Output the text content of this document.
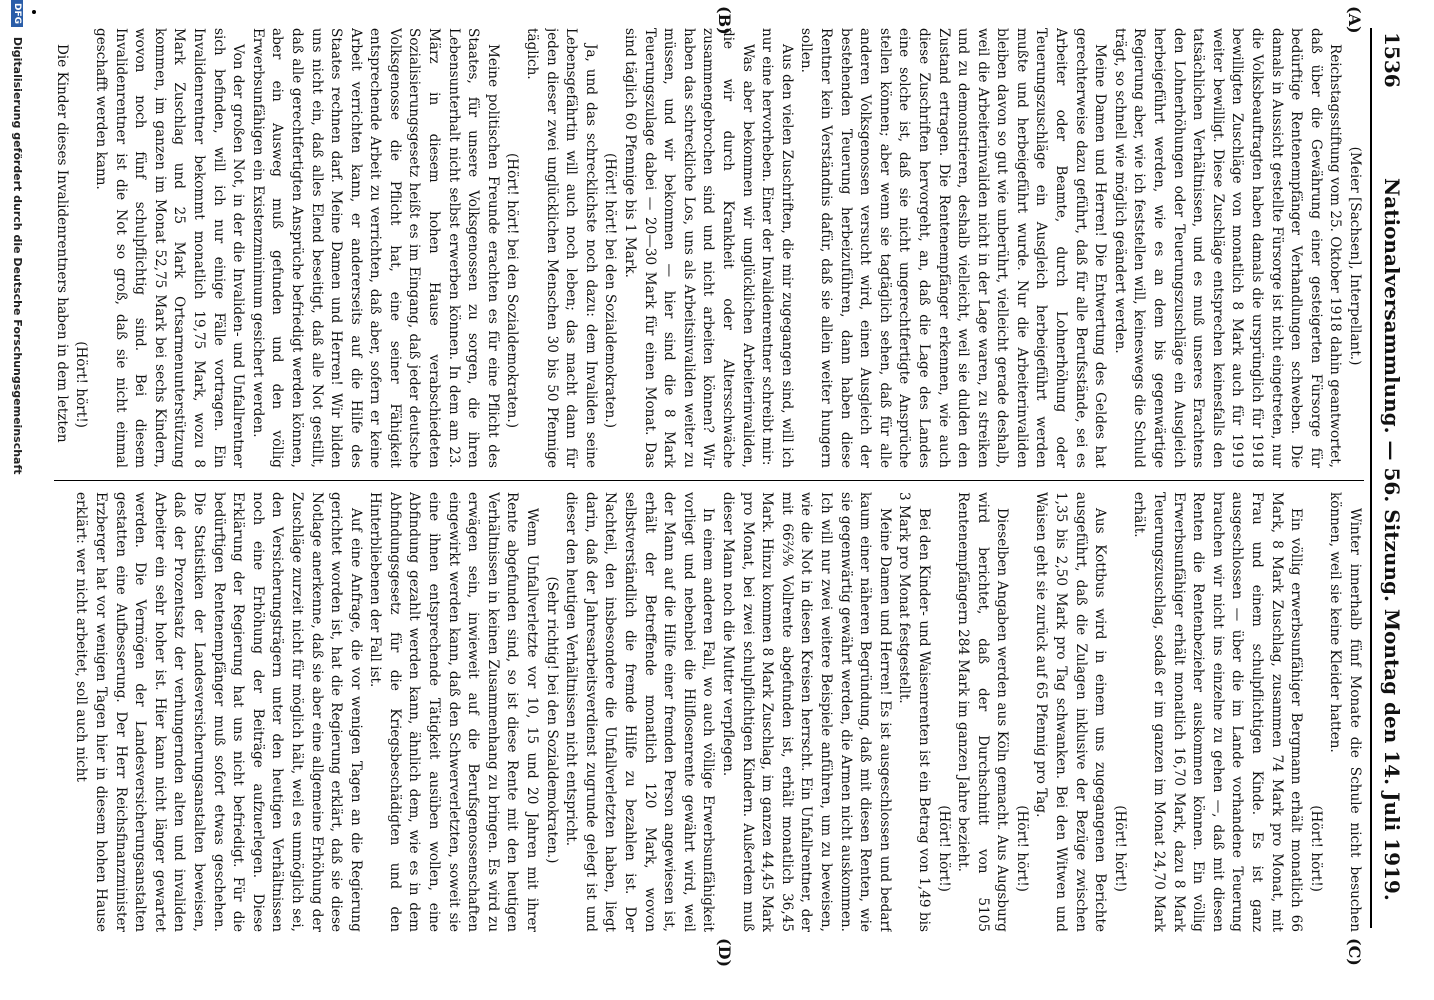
1536
Nationalversammlung. — 56. Sitzung. Montag den 14. Juli 1919.
(A)
(B)
(C)
(D)

(Meier [Sachsen], Interpellant.)

Reichstagsstiftung vom 25. Oktober 1918 dahin geantwortet, daß über die Gewährung einer gesteigerten Fürsorge für bedürftige Rentenempfänger Verhandlungen schweben. Die damals in Aussicht gestellte Fürsorge ist nicht eingetreten, nur die Volksbeauftragten haben damals die ursprünglich für 1918 bewilligten Zuschläge von monatlich 8 Mark auch für 1919 weiter bewilligt. Diese Zuschläge entsprechen keinesfalls den tatsächlichen Verhältnissen, und es muß unseres Erachtens den Lohnerhöhungen oder Teuerungszuschläge ein Ausgleich herbeigeführt werden, wie es an dem bis gegenwärtige Regierung aber, wie ich feststellen will, keineswegs die Schuld trägt, so schnell wie möglich geändert werden.

Meine Damen und Herren! Die Entwertung des Geldes hat gerechterweise dazu geführt, daß für alle Berufsstände, sei es Arbeiter oder Beamte, durch Lohnerhöhung oder Teuerungszuschläge ein Ausgleich herbeigeführt werden mußte und herbeigeführt wurde. Nur die Arbeiterinvaliden bleiben davon so gut wie unberührt, vielleicht gerade deshalb, weil die Arbeiterinvaliden nicht in der Lage waren, zu streiken und zu demonstrieren, deshalb vielleicht, weil sie dulden den Zustand ertragen. Die Rentenempfänger erkennen, wie auch diese Zuschriften hervorgeht, an, daß die Lage des Landes eine solche ist, daß sie nicht ungerechtfertigte Ansprüche stellen können; aber wenn sie tagtäglich sehen, daß für alle anderen Volksgenossen versucht wird, einen Ausgleich der bestehenden Teuerung herbeizuführen, dann haben diese Rentner kein Verständnis dafür, daß sie allein weiter hungern sollen.

Aus den vielen Zuschriften, die mir zugegangen sind, will ich nur eine hervorheben. Einer der Invalidenrentner schreibt mir:

Was aber bekommen wir unglücklichen Arbeiterinvaliden, die wir durch Krankheit oder Altersschwäche zusammengebrochen sind und nicht arbeiten können? Wir haben das schreckliche Los, uns als Arbeitsinvaliden weiter zu müssen, und wir bekommen — hier sind die 8 Mark Teuerungszulage dabei — 20—30 Mark für einen Monat. Das sind täglich 60 Pfennige bis 1 Mark.

(Hört! hört! bei den Sozialdemokraten.)

Ja, und das schrecklichste noch dazu: dem Invaliden seine Lebensgefährtin will auch noch leben; das macht dann für jeden dieser zwei unglücklichen Menschen 30 bis 50 Pfennige täglich.

(Hört! hört! bei den Sozialdemokraten.)

Meine politischen Freunde erachten es für eine Pflicht des Staates, für unsere Volksgenossen zu sorgen, die ihren Lebensunterhalt nicht selbst erwerben können. In dem am 23. März in diesem hohen Hause verabschiedeten Sozialisierungsgesetz heißt es im Eingang, daß jeder deutsche Volksgenosse die Pflicht hat, eine seiner Fähigkeit entsprechende Arbeit zu verrichten, daß aber, sofern er keine Arbeit verrichten kann, er andererseits auf die Hilfe des Staates rechnen darf. Meine Damen und Herren! Wir bilden uns nicht ein, daß alles Elend beseitigt, daß alle Not gestillt, daß alle gerechtfertigten Ansprüche befriedigt werden können, aber ein Ausweg muß gefunden und den völlig Erwerbsunfähigen ein Existenzminimum gesichert werden.

Von der großen Not, in der die Invaliden- und Unfallrentner sich befinden, will ich nur einige Fälle vortragen. Ein Invalidenrentner bekommt monatlich 19,75 Mark, wozu 8 Mark Zuschlag und 25 Mark Ortsarmenunterstützung kommen, im ganzen im Monat 52,75 Mark bei sechs Kindern, wovon noch fünf schulpflichtig sind. Bei diesem Invalidenrentner ist die Not so groß, daß sie nicht einmal geschafft werden kann.

(Hört! hört!)

Die Kinder dieses Invalidenrentners haben in dem letzten

Winter innerhalb fünf Monate die Schule nicht besuchen können, weil sie keine Kleider hatten.

(Hört! hört!)

Ein völlig erwerbsunfähiger Bergmann erhält monatlich 66 Mark, 8 Mark Zuschlag, zusammen 74 Mark pro Monat, mit Frau und einem schulpflichtigen Kinde. Es ist ganz ausgeschlossen — über die im Lande vorhandene Teuerung brauchen wir nicht ins einzelne zu gehen —, daß mit diesen Renten die Rentenbezieher auskommen können. Ein völlig Erwerbsunfähiger erhält monatlich 16,70 Mark, dazu 8 Mark Teuerungszuschlag, sodaß er im ganzen im Monat 24,70 Mark erhält.

(Hört! hört!)

Aus Kottbus wird in einem uns zugegangenen Berichte ausgeführt, daß die Zulagen inklusive der Bezüge zwischen 1,35 bis 2,50 Mark pro Tag schwanken. Bei den Witwen und Waisen geht sie zurück auf 65 Pfennig pro Tag.

(Hört! hört!)

Dieselben Angaben werden aus Köln gemacht. Aus Augsburg wird berichtet, daß der Durchschnitt von 5105 Rentenempfängern 284 Mark im ganzen Jahre bezieht.

(Hört! hört!)

Bei den Kinder- und Waisenrenten ist ein Betrag von 1,49 bis 3 Mark pro Monat festgestellt.

Meine Damen und Herren! Es ist ausgeschlossen und bedarf kaum einer näheren Begründung, daß mit diesen Renten, wie sie gegenwärtig gewährt werden, die Armen nicht auskommen. Ich will nur zwei weitere Beispiele anführen, um zu beweisen, wie die Not in diesen Kreisen herrscht. Ein Unfallrentner, der mit 66⅔% Vollrente abgefunden ist, erhält monatlich 36,45 Mark. Hinzu kommen 8 Mark Zuschlag, im ganzen 44,45 Mark pro Monat, bei zwei schulpflichtigen Kindern. Außerdem muß dieser Mann noch die Mutter verpflegen.

In einem anderen Fall, wo auch völlige Erwerbsunfähigkeit vorliegt und nebenbei die Hilflosenrente gewährt wird, weil der Mann auf die Hilfe einer fremden Person angewiesen ist, erhält der Betreffende monatlich 120 Mark, wovon selbstverständlich die fremde Hilfe zu bezahlen ist. Der Nachteil, den insbesondere die Unfallverletzten haben, liegt darin, daß der Jahresarbeitsverdienst zugrunde gelegt ist und dieser den heutigen Verhältnissen nicht entspricht.

(Sehr richtig! bei den Sozialdemokraten.)

Wenn Unfallverletzte vor 10, 15 und 20 Jahren mit ihrer Rente abgefunden sind, so ist diese Rente mit den heutigen Verhältnissen in keinen Zusammenhang zu bringen. Es wird zu erwägen sein, inwieweit auf die Berufsgenossenschaften eingewirkt werden kann, daß den Schwerverletzten, soweit sie eine ihnen entsprechende Tätigkeit ausüben wollen, eine Abfindung gezahlt werden kann, ähnlich dem, wie es in dem Abfindungsgesetz für die Kriegsbeschädigten und den Hinterbliebenen der Fall ist.

Auf eine Anfrage, die vor wenigen Tagen an die Regierung gerichtet worden ist, hat die Regierung erklärt, daß sie diese Notlage anerkenne, daß sie aber eine allgemeine Erhöhung der Zuschläge zurzeit nicht für möglich hält, weil es unmöglich sei, den Versicherungsträgern unter den heutigen Verhältnissen noch eine Erhöhung der Beiträge aufzuerlegen. Diese Erklärung der Regierung hat uns nicht befriedigt. Für die bedürftigen Rentenempfänger muß sofort etwas geschehen. Die Statistiken der Landesversicherungsanstalten beweisen, daß der Prozentsatz der verhungernden alten und invaliden Arbeiter ein sehr hoher ist. Hier kann nicht länger gewartet werden. Die Vermögen der Landesversicherungsanstalten gestatten eine Aufbesserung. Der Herr Reichsfinanzminister Erzberger hat vor wenigen Tagen hier in diesem hohen Hause erklärt: wer nicht arbeitet, soll auch nicht

DFG Digitalisierung gefördert durch die Deutsche Forschungsgemeinschaft
